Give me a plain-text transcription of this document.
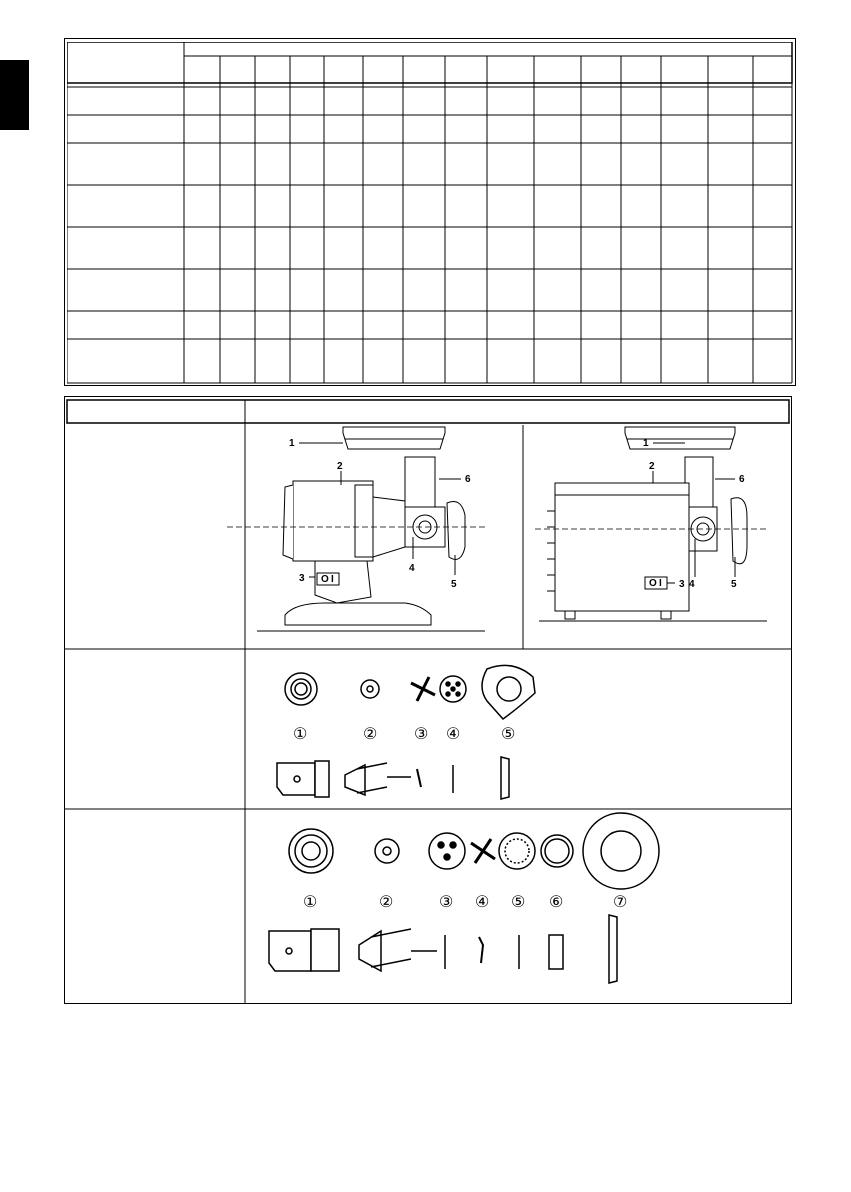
O I
1
2
6
3
4
5	O I
1
2
6
3 4	5
①	② ③ ④	⑤
①	②	③ ④ ⑤ ⑥	⑦
